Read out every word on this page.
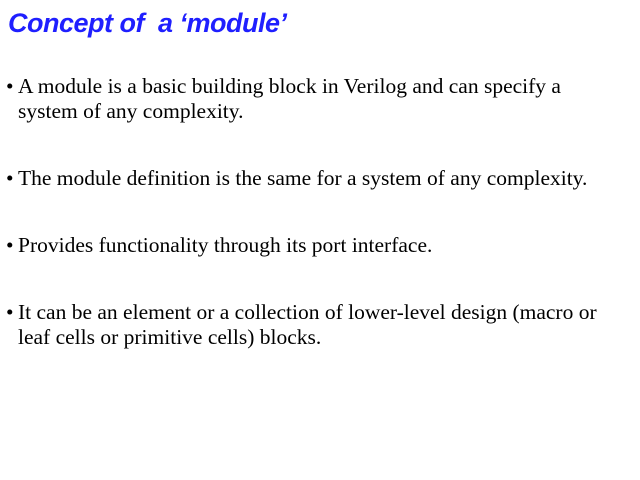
Concept of  a ‘module’
• A module is a basic building block in Verilog and can specify a system of any complexity.
• The module definition is the same for a system of any complexity.
• Provides functionality through its port interface.
• It can be an element or a collection of lower-level design (macro or leaf cells or primitive cells) blocks.
